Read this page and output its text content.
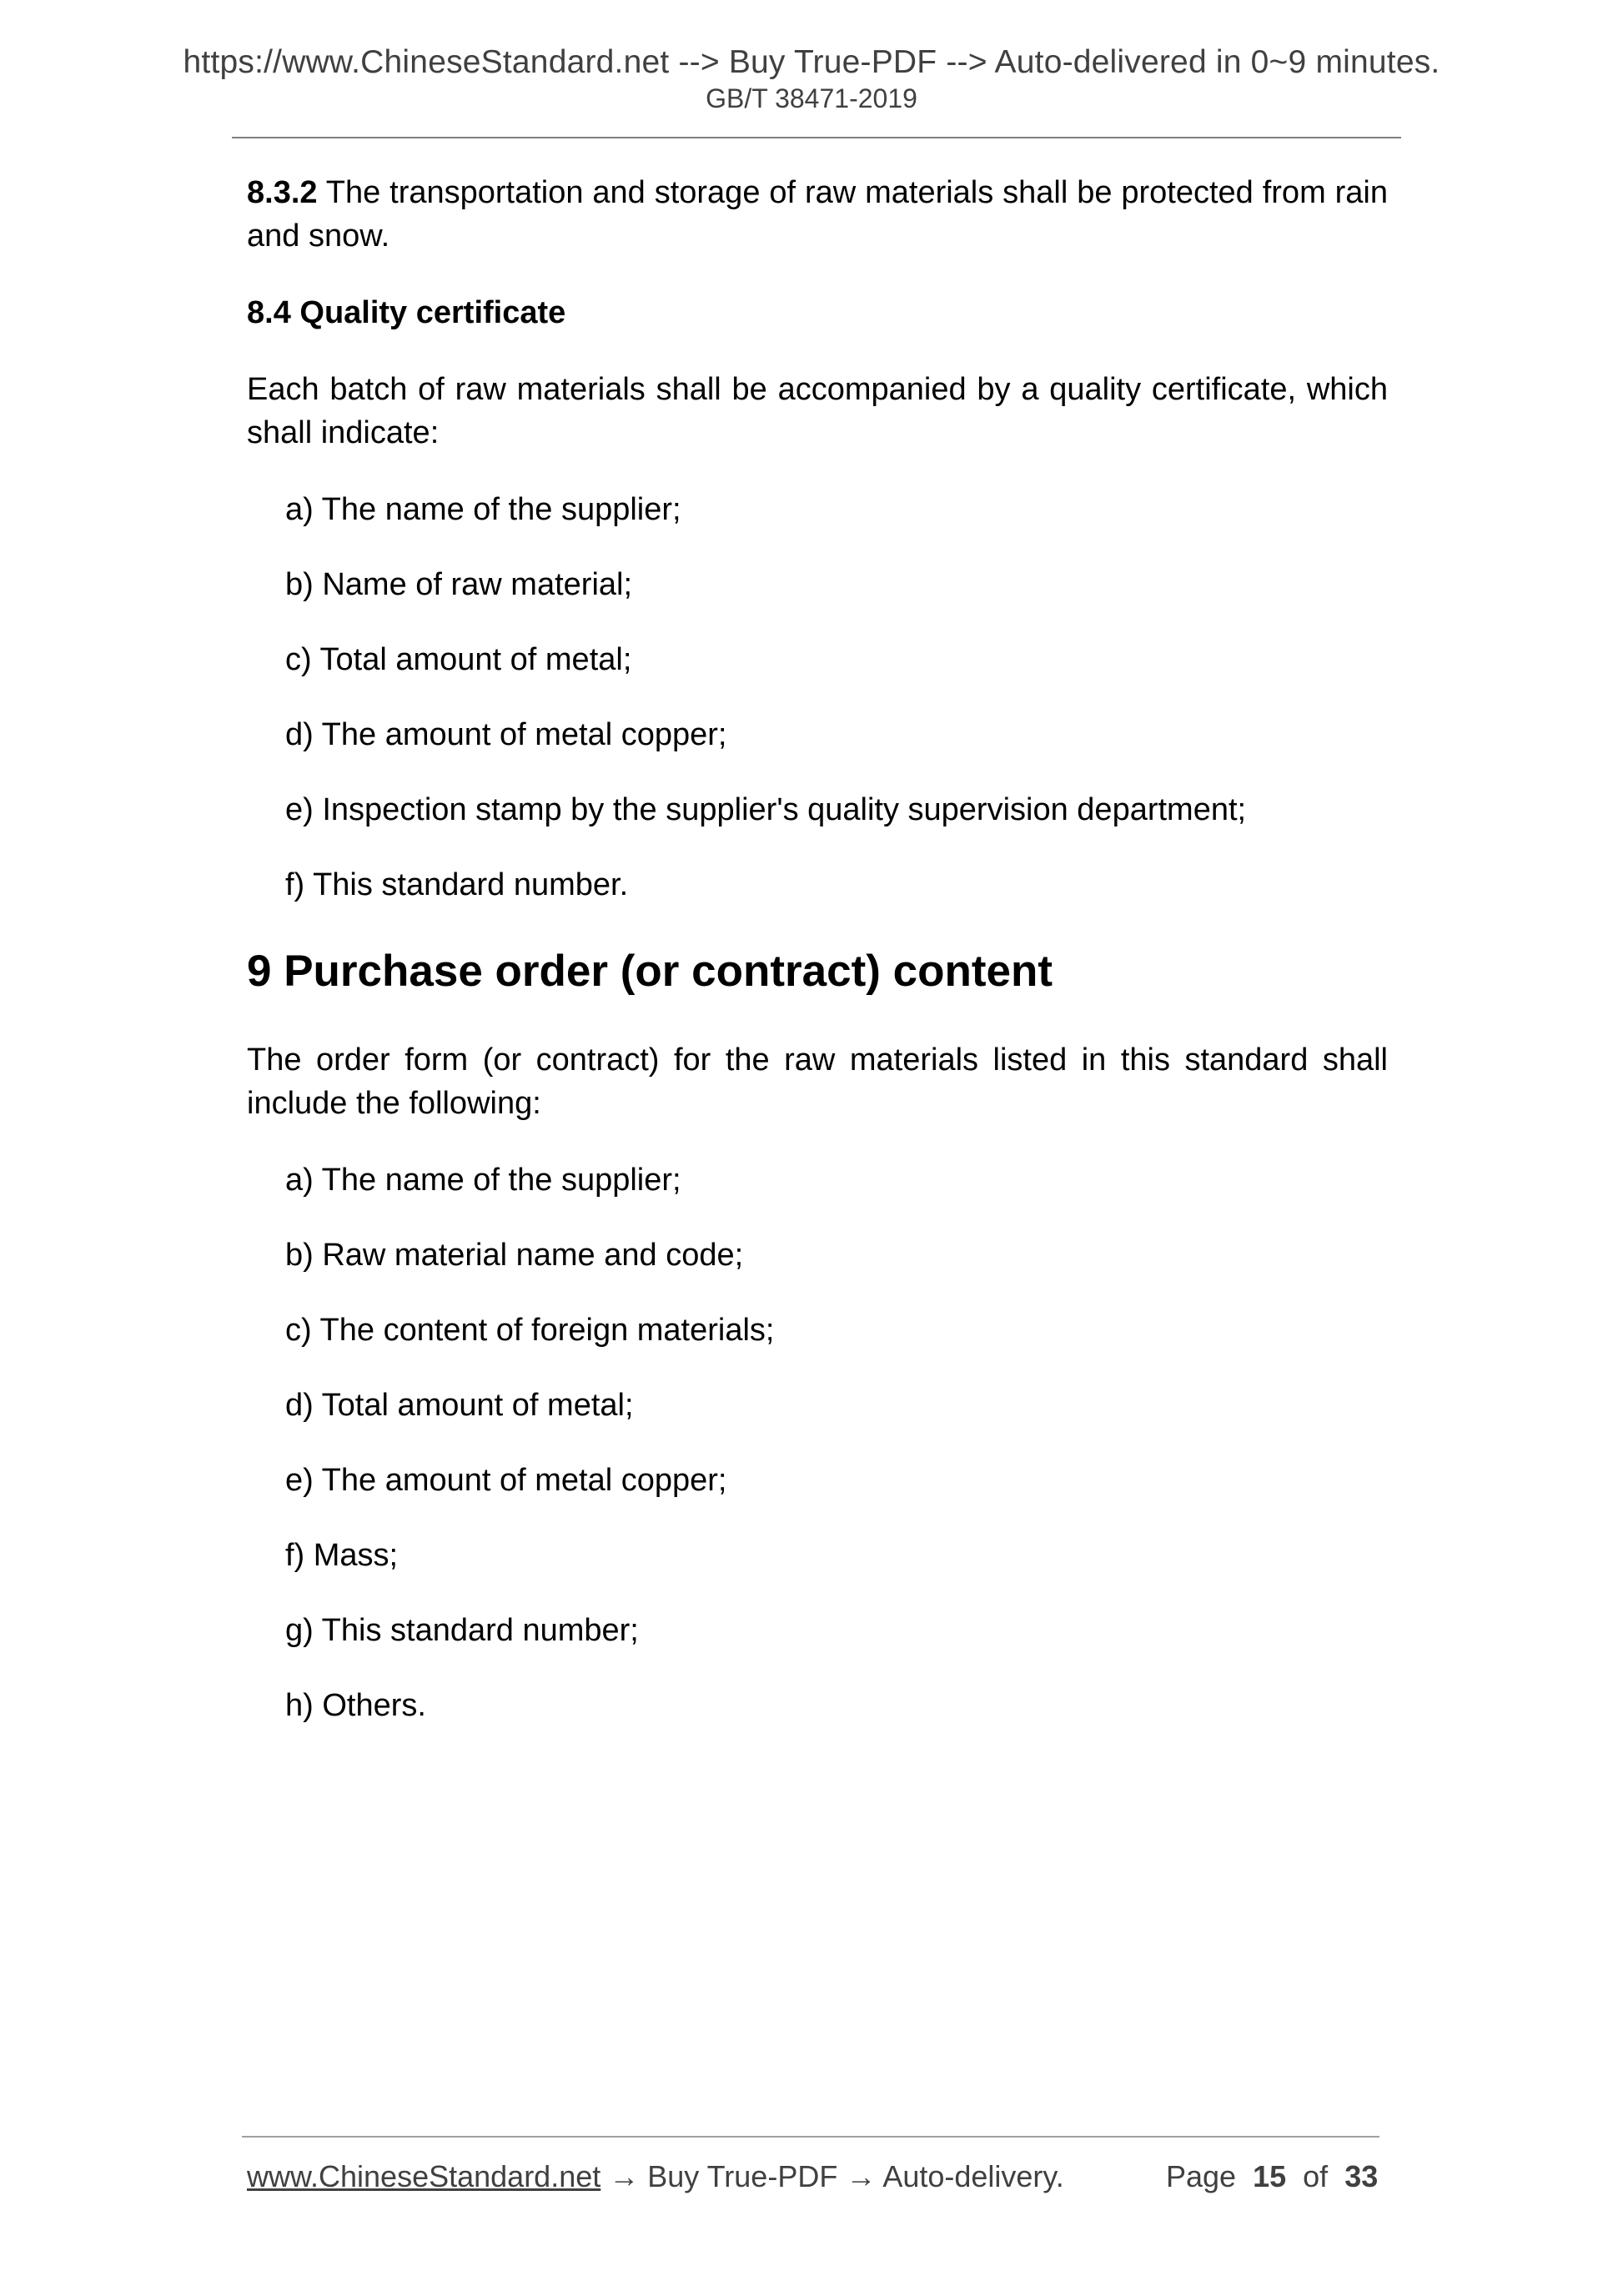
https://www.ChineseStandard.net --> Buy True-PDF --> Auto-delivered in 0~9 minutes.
GB/T 38471-2019

8.3.2 The transportation and storage of raw materials shall be protected from rain and snow.

8.4 Quality certificate

Each batch of raw materials shall be accompanied by a quality certificate, which shall indicate:

a) The name of the supplier;
b) Name of raw material;
c) Total amount of metal;
d) The amount of metal copper;
e) Inspection stamp by the supplier's quality supervision department;
f) This standard number.

9 Purchase order (or contract) content

The order form (or contract) for the raw materials listed in this standard shall include the following:

a) The name of the supplier;
b) Raw material name and code;
c) The content of foreign materials;
d) Total amount of metal;
e) The amount of metal copper;
f) Mass;
g) This standard number;
h) Others.
www.ChineseStandard.net → Buy True-PDF → Auto-delivery.	Page 15 of 33
